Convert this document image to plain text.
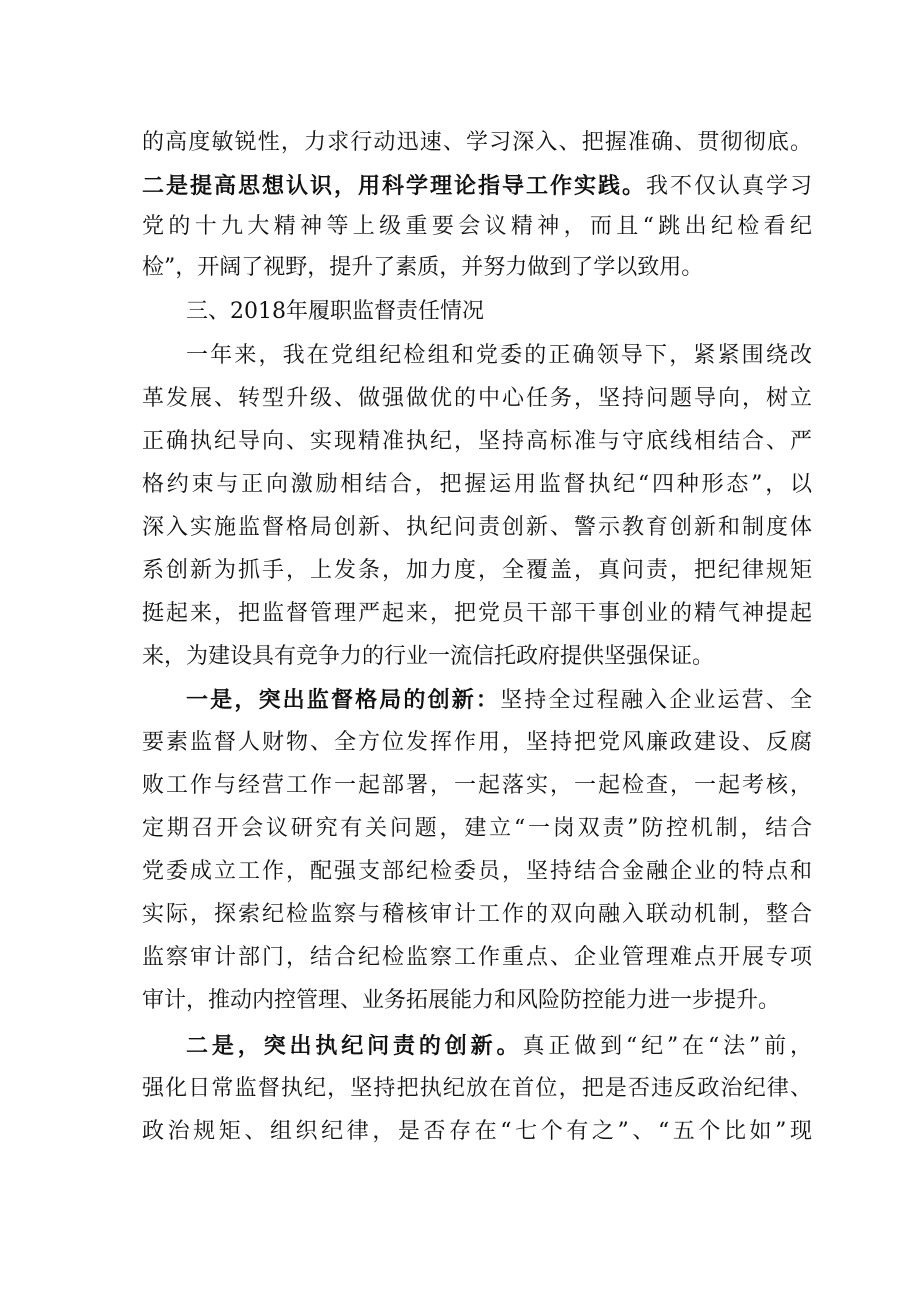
的高度敏锐性，力求行动迅速、学习深入、把握准确、贯彻彻底。
二是提高思想认识，用科学理论指导工作实践。我不仅认真学习
党的十九大精神等上级重要会议精神，而且“跳出纪检看纪
检”，开阔了视野，提升了素质，并努力做到了学以致用。
三、2018年履职监督责任情况
一年来，我在党组纪检组和党委的正确领导下，紧紧围绕改
革发展、转型升级、做强做优的中心任务，坚持问题导向，树立
正确执纪导向、实现精准执纪，坚持高标准与守底线相结合、严
格约束与正向激励相结合，把握运用监督执纪“四种形态”，以
深入实施监督格局创新、执纪问责创新、警示教育创新和制度体
系创新为抓手，上发条，加力度，全覆盖，真问责，把纪律规矩
挺起来，把监督管理严起来，把党员干部干事创业的精气神提起
来，为建设具有竞争力的行业一流信托政府提供坚强保证。
一是，突出监督格局的创新：坚持全过程融入企业运营、全
要素监督人财物、全方位发挥作用，坚持把党风廉政建设、反腐
败工作与经营工作一起部署，一起落实，一起检查，一起考核，
定期召开会议研究有关问题，建立“一岗双责”防控机制，结合
党委成立工作，配强支部纪检委员，坚持结合金融企业的特点和
实际，探索纪检监察与稽核审计工作的双向融入联动机制，整合
监察审计部门，结合纪检监察工作重点、企业管理难点开展专项
审计，推动内控管理、业务拓展能力和风险防控能力进一步提升。
二是，突出执纪问责的创新。真正做到“纪”在“法”前，
强化日常监督执纪，坚持把执纪放在首位，把是否违反政治纪律、
政治规矩、组织纪律，是否存在“七个有之”、“五个比如”现
